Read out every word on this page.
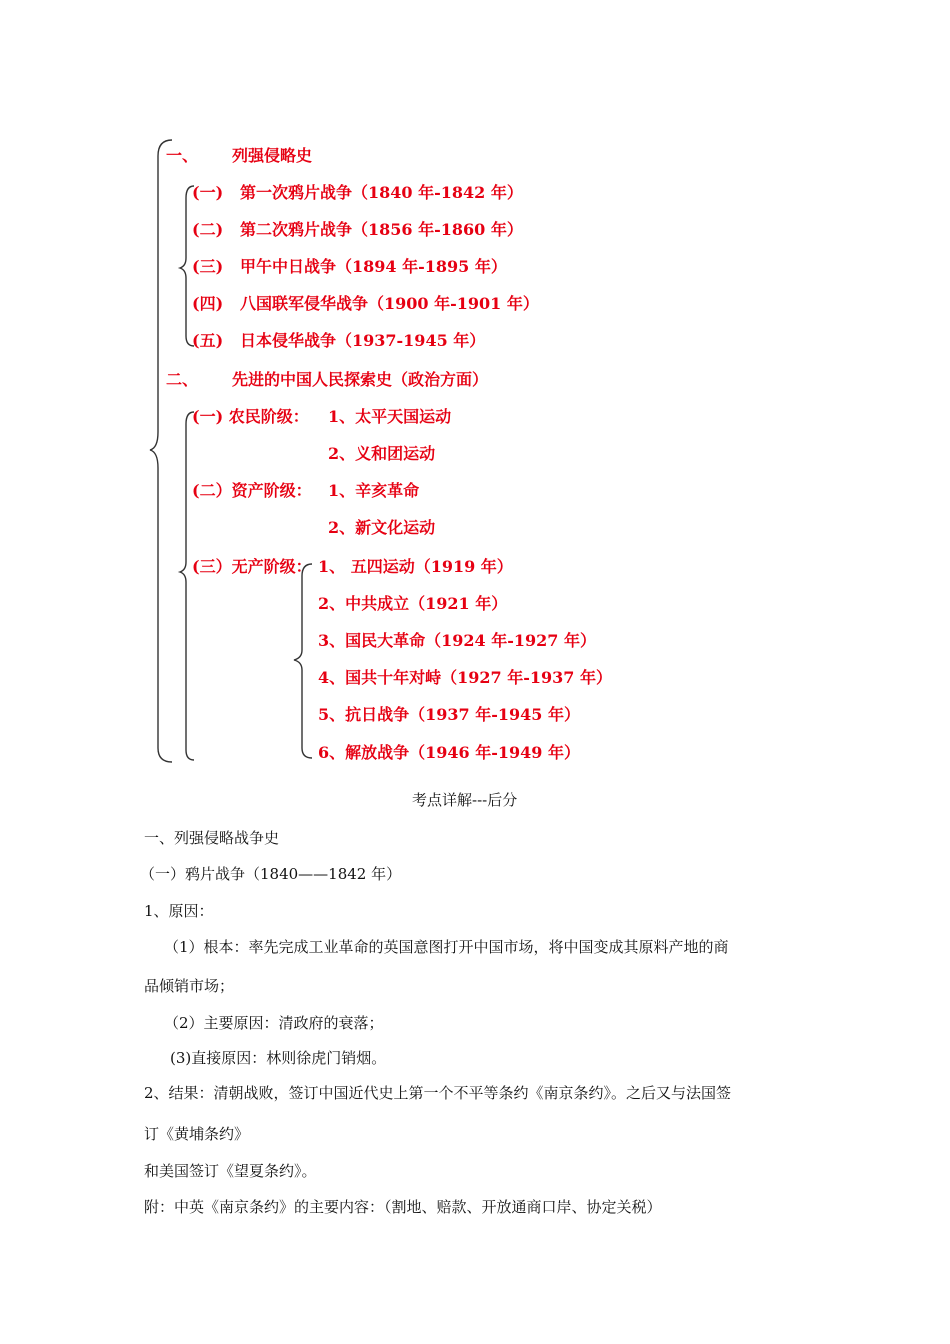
一、 列强侵略史
(一) 第一次鸦片战争（1840 年-1842 年）
(二) 第二次鸦片战争（1856 年-1860 年）
(三) 甲午中日战争（1894 年-1895 年）
(四) 八国联军侵华战争（1900 年-1901 年）
(五) 日本侵华战争（1937-1945 年）
二、 先进的中国人民探索史（政治方面）
(一) 农民阶级： 1、太平天国运动
2、义和团运动
(二）资产阶级： 1、辛亥革命
2、新文化运动
(三）无产阶级： 1、 五四运动（1919 年）
2、中共成立（1921 年）
3、国民大革命（1924 年-1927 年）
4、国共十年对峙（1927 年-1937 年）
5、抗日战争（1937 年-1945 年）
6、解放战争（1946 年-1949 年）
考点详解---后分
一、列强侵略战争史
（一）鸦片战争（1840——1842 年）
1、原因：
（1）根本：率先完成工业革命的英国意图打开中国市场，将中国变成其原料产地的商
品倾销市场；
（2）主要原因：清政府的衰落；
(3)直接原因：林则徐虎门销烟。
2、结果：清朝战败，签订中国近代史上第一个不平等条约《南京条约》。之后又与法国签
订《黄埔条约》
和美国签订《望夏条约》。
附：中英《南京条约》的主要内容：（割地、赔款、开放通商口岸、协定关税）
